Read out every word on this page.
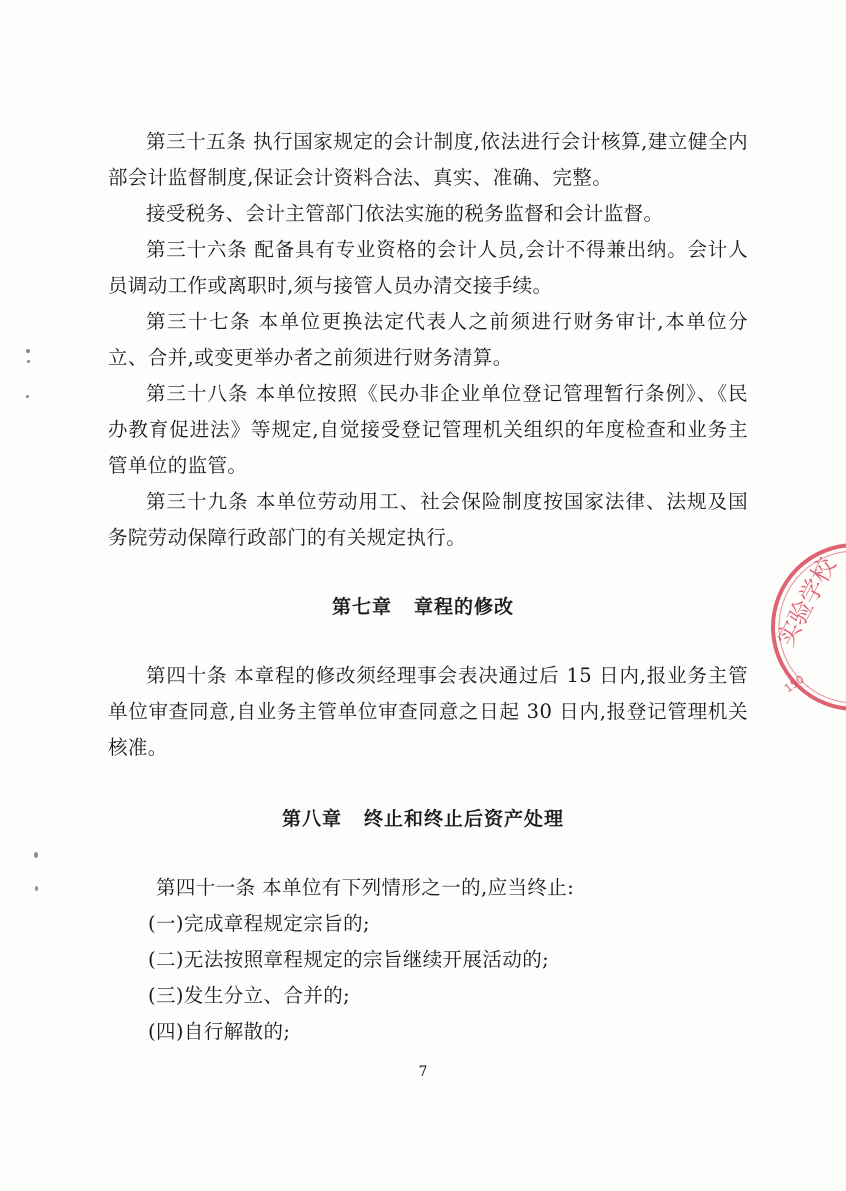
第三十五条 执行国家规定的会计制度,依法进行会计核算,建立健全内部会计监督制度,保证会计资料合法、真实、准确、完整。

接受税务、会计主管部门依法实施的税务监督和会计监督。

第三十六条 配备具有专业资格的会计人员,会计不得兼出纳。会计人员调动工作或离职时,须与接管人员办清交接手续。

第三十七条 本单位更换法定代表人之前须进行财务审计,本单位分立、合并,或变更举办者之前须进行财务清算。

第三十八条 本单位按照《民办非企业单位登记管理暂行条例》、《民办教育促进法》等规定,自觉接受登记管理机关组织的年度检查和业务主管单位的监管。

第三十九条 本单位劳动用工、社会保险制度按国家法律、法规及国务院劳动保障行政部门的有关规定执行。

第七章 章程的修改

第四十条 本章程的修改须经理事会表决通过后 15 日内,报业务主管单位审查同意,自业务主管单位审查同意之日起 30 日内,报登记管理机关核准。

第八章 终止和终止后资产处理

第四十一条 本单位有下列情形之一的,应当终止:

(一)完成章程规定宗旨的;

(二)无法按照章程规定的宗旨继续开展活动的;

(三)发生分立、合并的;

(四)自行解散的;

7
实验学校
150
